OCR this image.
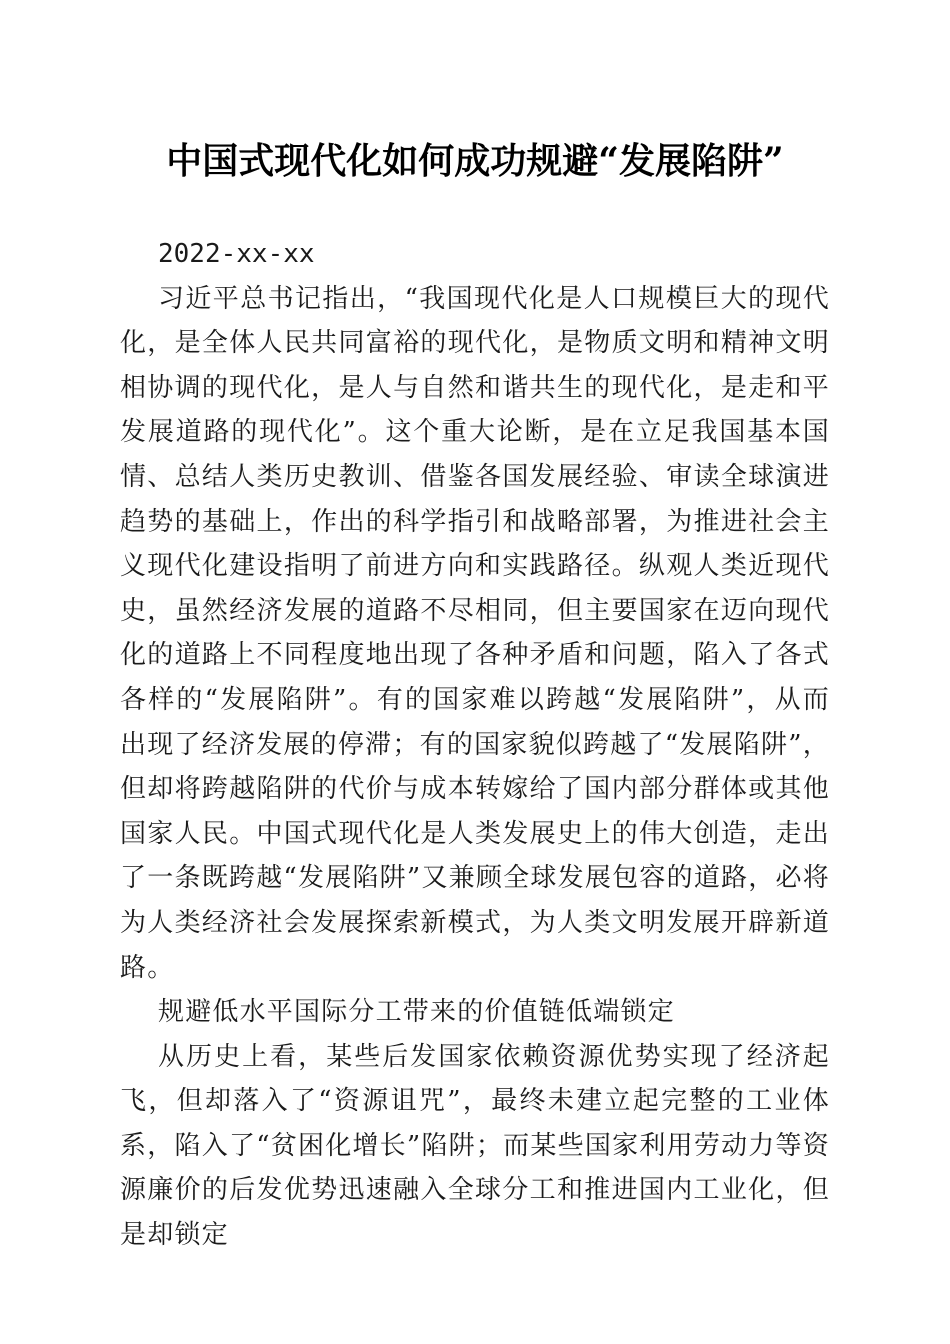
中国式现代化如何成功规避“发展陷阱”

2022-xx-xx

习近平总书记指出，“我国现代化是人口规模巨大的现代化，是全体人民共同富裕的现代化，是物质文明和精神文明相协调的现代化，是人与自然和谐共生的现代化，是走和平发展道路的现代化”。这个重大论断，是在立足我国基本国情、总结人类历史教训、借鉴各国发展经验、审读全球演进趋势的基础上，作出的科学指引和战略部署，为推进社会主义现代化建设指明了前进方向和实践路径。纵观人类近现代史，虽然经济发展的道路不尽相同，但主要国家在迈向现代化的道路上不同程度地出现了各种矛盾和问题，陷入了各式各样的“发展陷阱”。有的国家难以跨越“发展陷阱”，从而出现了经济发展的停滞；有的国家貌似跨越了“发展陷阱”，但却将跨越陷阱的代价与成本转嫁给了国内部分群体或其他国家人民。中国式现代化是人类发展史上的伟大创造，走出了一条既跨越“发展陷阱”又兼顾全球发展包容的道路，必将为人类经济社会发展探索新模式，为人类文明发展开辟新道路。

规避低水平国际分工带来的价值链低端锁定

从历史上看，某些后发国家依赖资源优势实现了经济起飞，但却落入了“资源诅咒”，最终未建立起完整的工业体系，陷入了“贫困化增长”陷阱；而某些国家利用劳动力等资源廉价的后发优势迅速融入全球分工和推进国内工业化，但是却锁定
